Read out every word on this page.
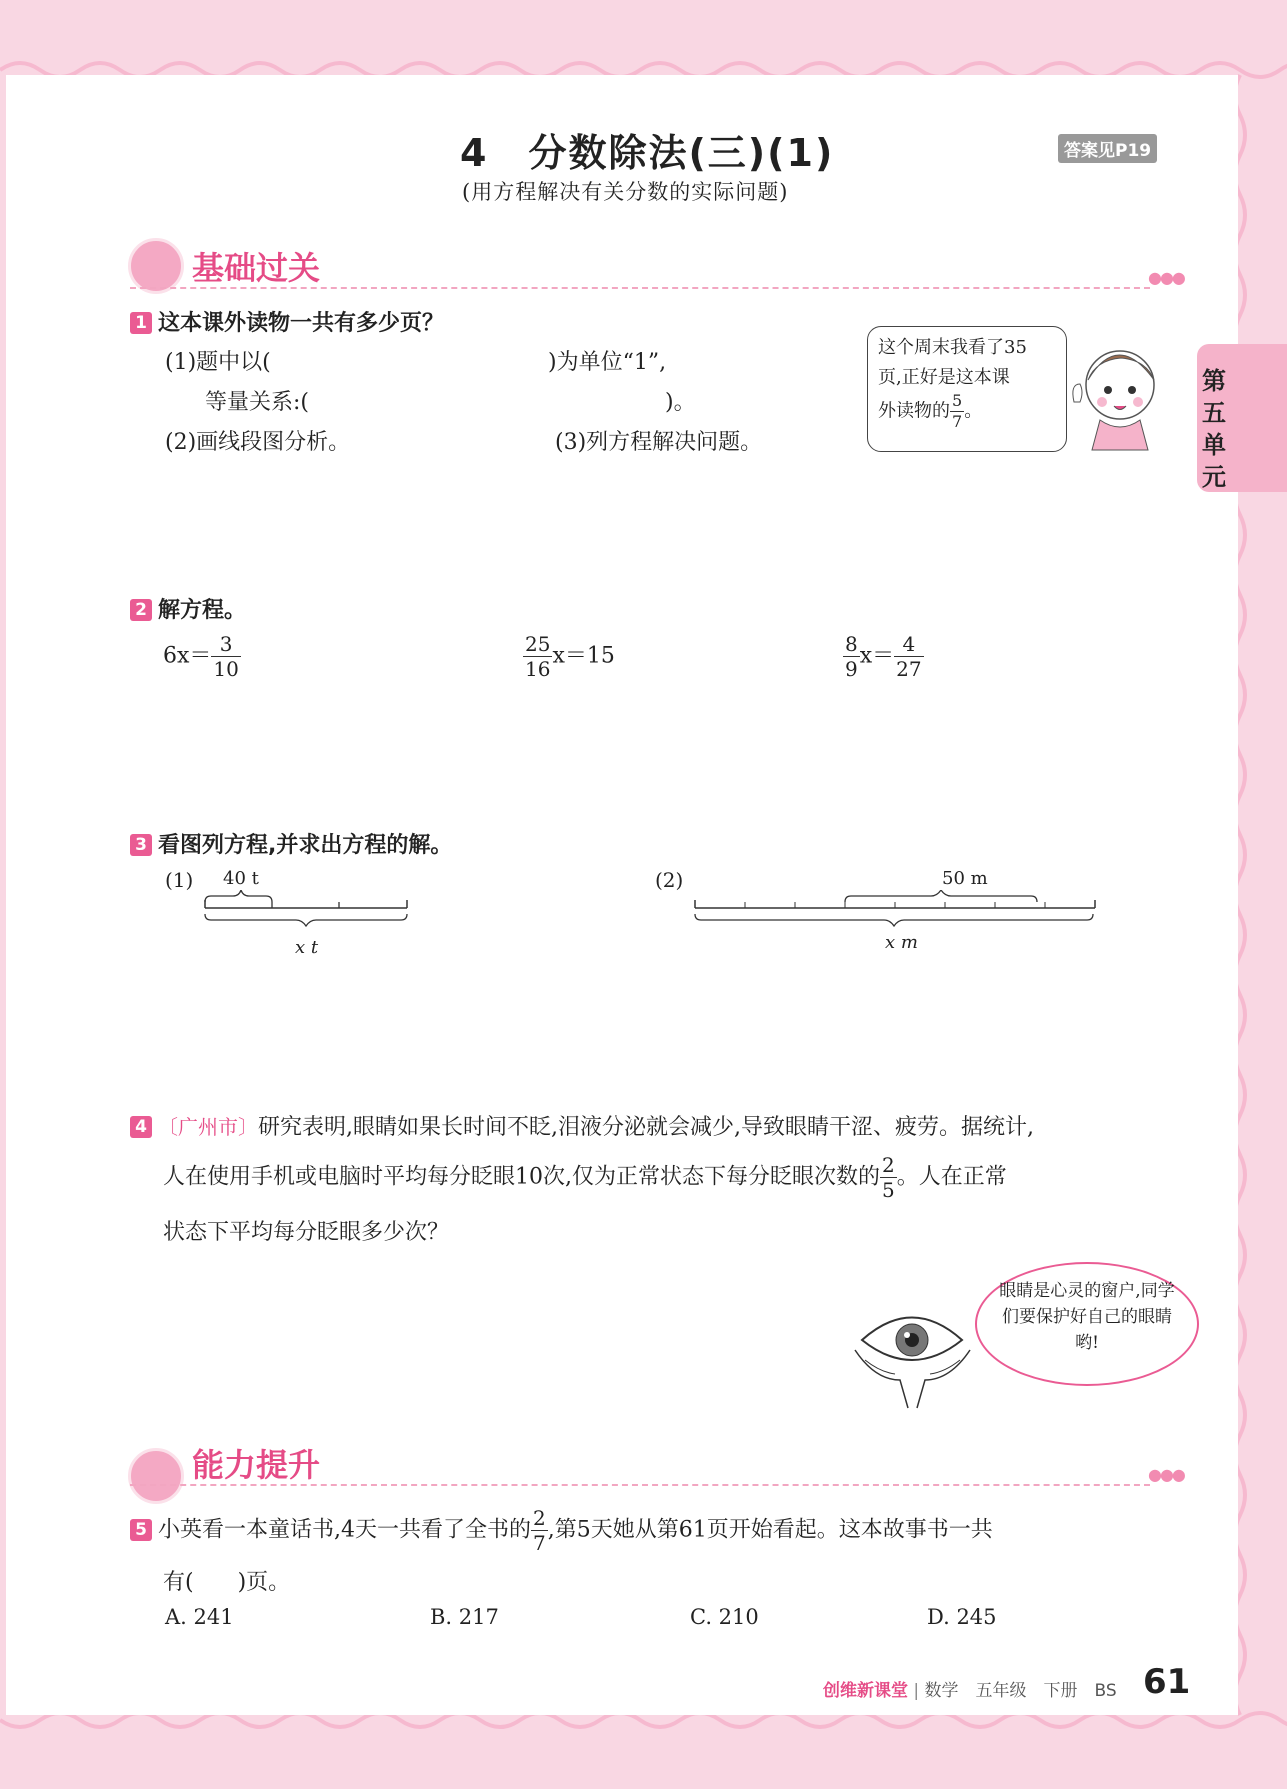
第五单元
4　分数除法(三)(1)
(用方程解决有关分数的实际问题)
答案见P19
基础过关	●●●
1 这本课外读物一共有多少页？
(1)题中以(	)为单位“1”,
等量关系:(	)。
(2)画线段图分析。	(3)列方程解决问题。
这个周末我看了35
页,正好是这本课
外读物的 $\frac{5}{7}$ 。
2 解方程。
$6x= \frac{3}{10}$	$\frac{25}{16} x=15$	$\frac{8}{9} x= \frac{4}{27}$
3 看图列方程,并求出方程的解。
(1) 40 t
x t
(2)	50 m
x m
4 〔广州市〕研究表明,眼睛如果长时间不眨,泪液分泌就会减少,导致眼睛干涩、疲劳。据统计,
人在使用手机或电脑时平均每分眨眼10次,仅为正常状态下每分眨眼次数的 $\frac{2}{5}$ 。人在正常
状态下平均每分眨眼多少次？
眼睛是心灵的窗户,同学们要保护好自己的眼睛哟!
能力提升	●●●
5 小英看一本童话书,4天一共看了全书的 $\frac{2}{7}$ ,第5天她从第61页开始看起。这本故事书一共
有(　　)页。
A. 241	B. 217	C. 210	D. 245
创维新课堂 | 数学　五年级　下册　BS 61
